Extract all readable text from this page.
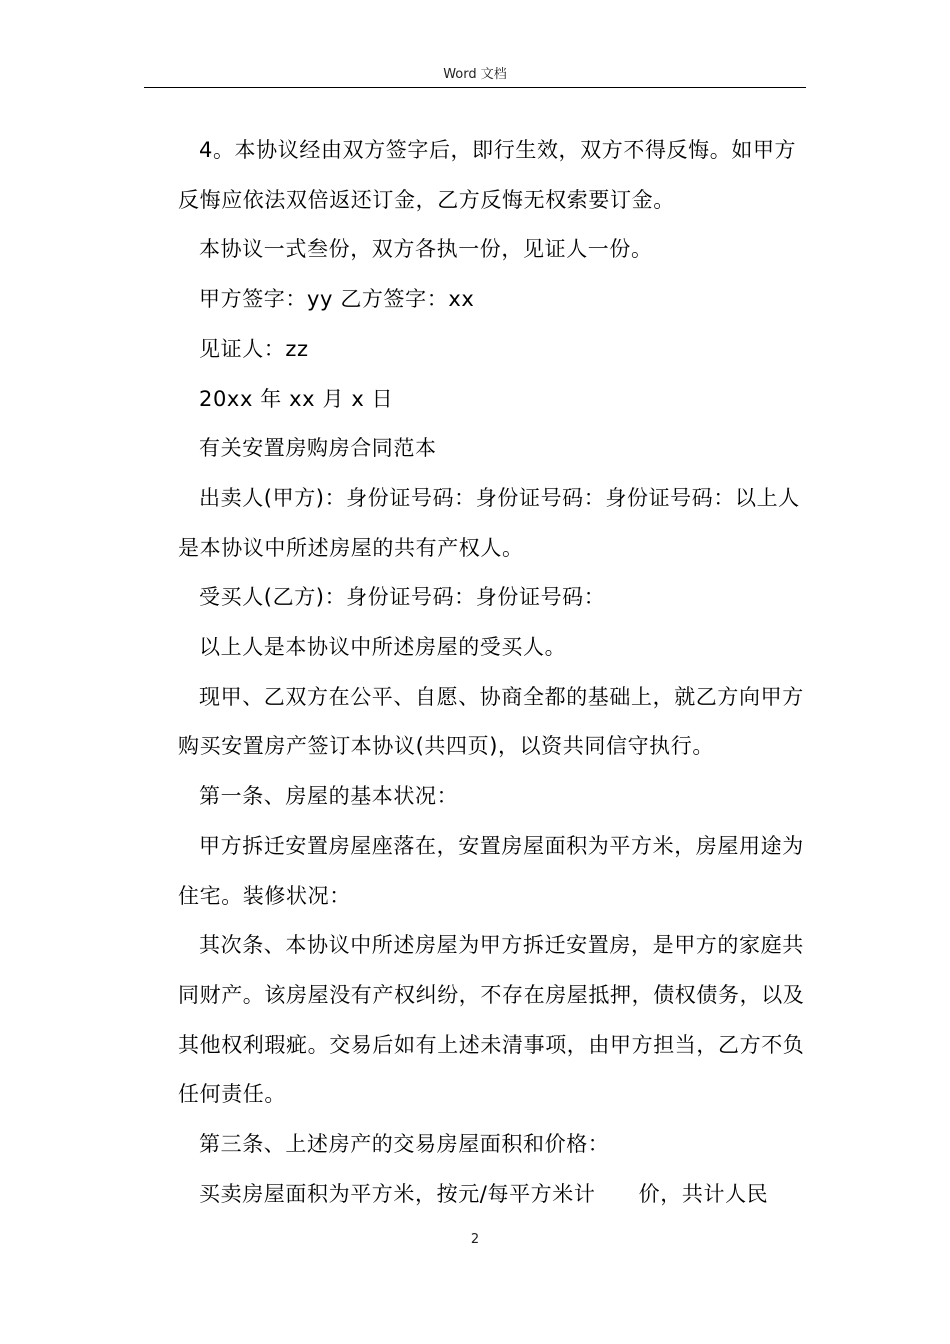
Word 文档

4。本协议经由双方签字后，即行生效，双方不得反悔。如甲方反悔应依法双倍返还订金，乙方反悔无权索要订金。

本协议一式叁份，双方各执一份，见证人一份。

甲方签字：yy 乙方签字：xx

见证人：zz

20xx 年 xx 月 x 日

有关安置房购房合同范本

出卖人(甲方)：身份证号码：身份证号码：身份证号码：以上人是本协议中所述房屋的共有产权人。

受买人(乙方)：身份证号码：身份证号码：

以上人是本协议中所述房屋的受买人。

现甲、乙双方在公平、自愿、协商全都的基础上，就乙方向甲方购买安置房产签订本协议(共四页)，以资共同信守执行。

第一条、房屋的基本状况：

甲方拆迁安置房屋座落在，安置房屋面积为平方米，房屋用途为住宅。装修状况：

其次条、本协议中所述房屋为甲方拆迁安置房，是甲方的家庭共同财产。该房屋没有产权纠纷，不存在房屋抵押，债权债务，以及其他权利瑕疵。交易后如有上述未清事项，由甲方担当，乙方不负任何责任。

第三条、上述房产的交易房屋面积和价格：

买卖房屋面积为平方米，按元/每平方米计　　价，共计人民

2
